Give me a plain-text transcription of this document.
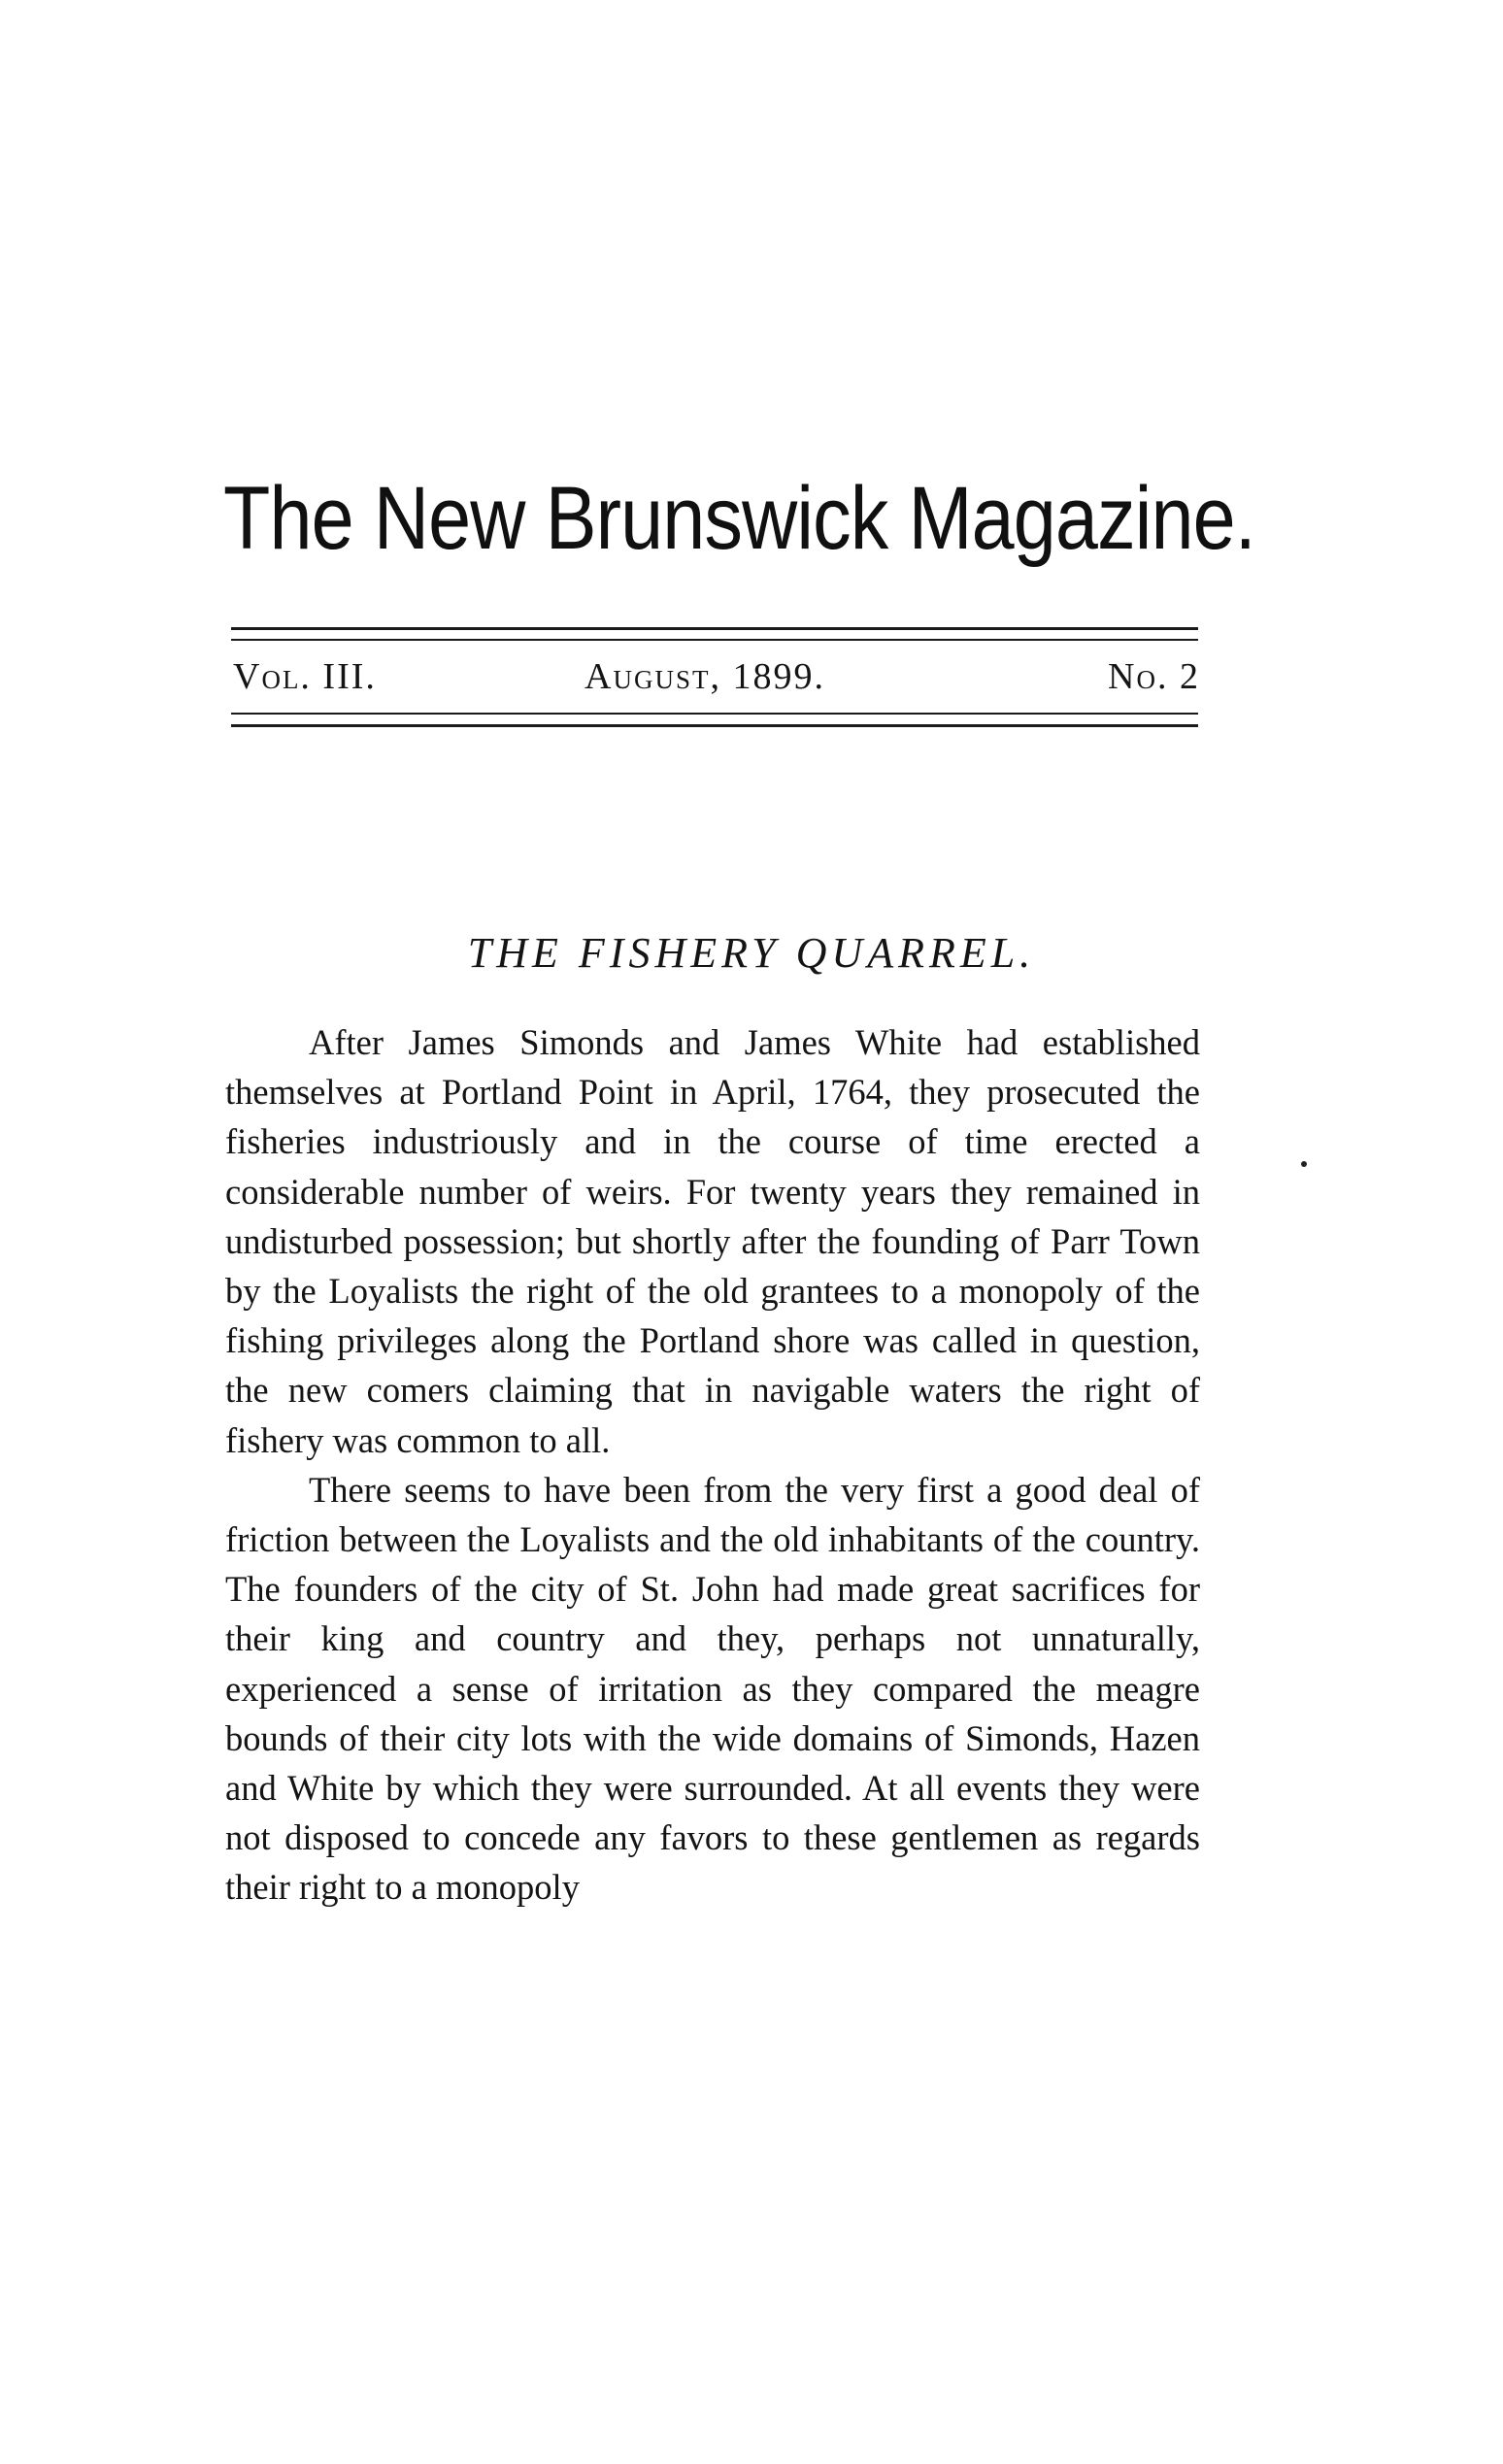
The New Brunswick Magazine.
Vol. III.	August, 1899.	No. 2
THE FISHERY QUARREL.

After James Simonds and James White had established themselves at Portland Point in April, 1764, they prosecuted the fisheries industriously and in the course of time erected a considerable number of weirs. For twenty years they remained in undisturbed possession; but shortly after the founding of Parr Town by the Loyalists the right of the old grantees to a monopoly of the fishing privileges along the Portland shore was called in question, the new comers claiming that in navigable waters the right of fishery was common to all.

There seems to have been from the very first a good deal of friction between the Loyalists and the old inhabitants of the country. The founders of the city of St. John had made great sacrifices for their king and country and they, perhaps not unnaturally, experienced a sense of irritation as they compared the meagre bounds of their city lots with the wide domains of Simonds, Hazen and White by which they were surrounded. At all events they were not disposed to concede any favors to these gentlemen as regards their right to a monopoly
